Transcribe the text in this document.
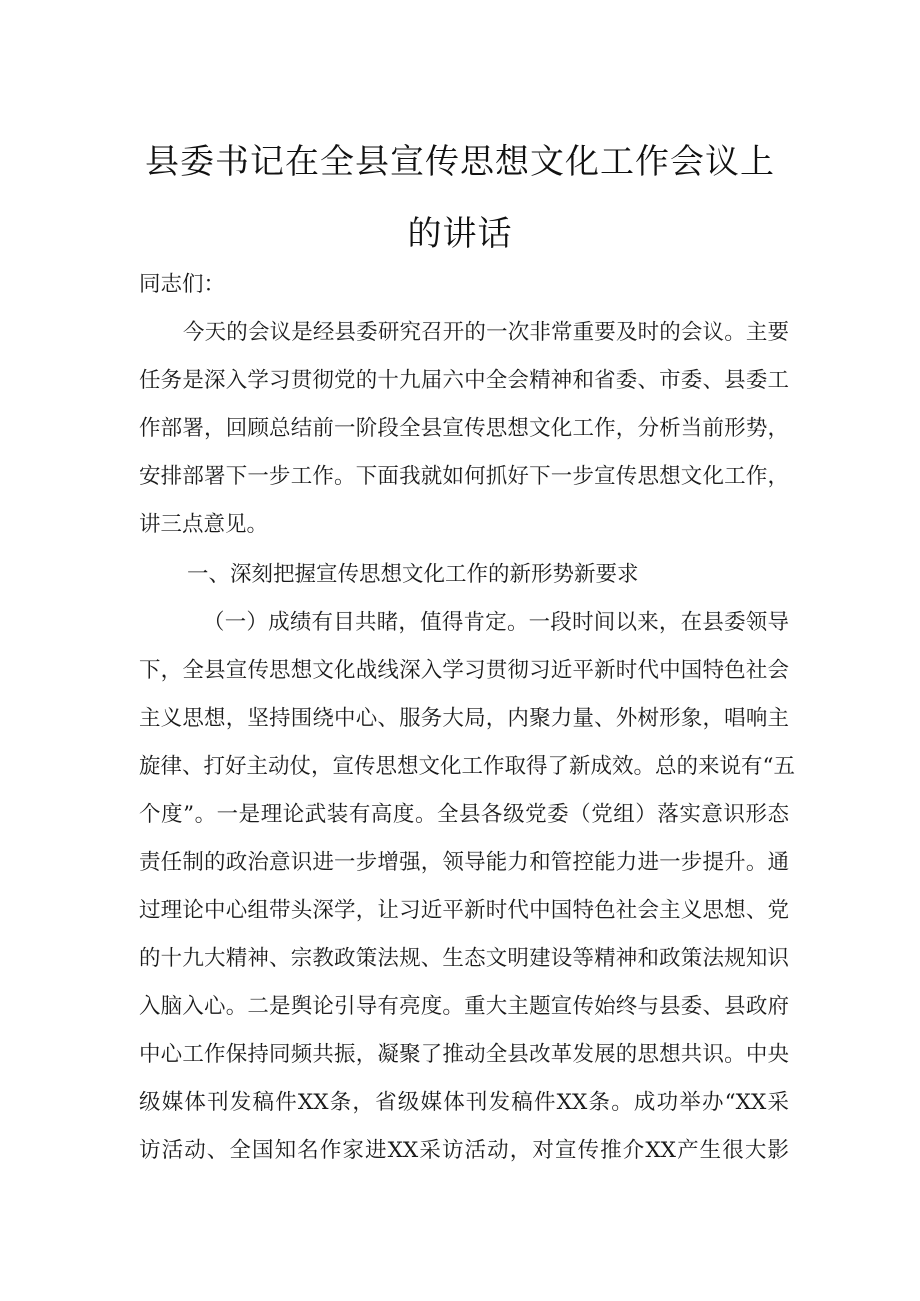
县委书记在全县宣传思想文化工作会议上
的讲话
同志们：
今天的会议是经县委研究召开的一次非常重要及时的会议。主要
任务是深入学习贯彻党的十九届六中全会精神和省委、市委、县委工
作部署，回顾总结前一阶段全县宣传思想文化工作，分析当前形势，
安排部署下一步工作。下面我就如何抓好下一步宣传思想文化工作，
讲三点意见。
一、深刻把握宣传思想文化工作的新形势新要求
（一）成绩有目共睹，值得肯定。一段时间以来，在县委领导
下，全县宣传思想文化战线深入学习贯彻习近平新时代中国特色社会
主义思想，坚持围绕中心、服务大局，内聚力量、外树形象，唱响主
旋律、打好主动仗，宣传思想文化工作取得了新成效。总的来说有“五
个度”。一是理论武装有高度。全县各级党委（党组）落实意识形态
责任制的政治意识进一步增强，领导能力和管控能力进一步提升。通
过理论中心组带头深学，让习近平新时代中国特色社会主义思想、党
的十九大精神、宗教政策法规、生态文明建设等精神和政策法规知识
入脑入心。二是舆论引导有亮度。重大主题宣传始终与县委、县政府
中心工作保持同频共振，凝聚了推动全县改革发展的思想共识。中央
级媒体刊发稿件XX条，省级媒体刊发稿件XX条。成功举办“XX采
访活动、全国知名作家进XX采访活动，对宣传推介XX产生很大影
